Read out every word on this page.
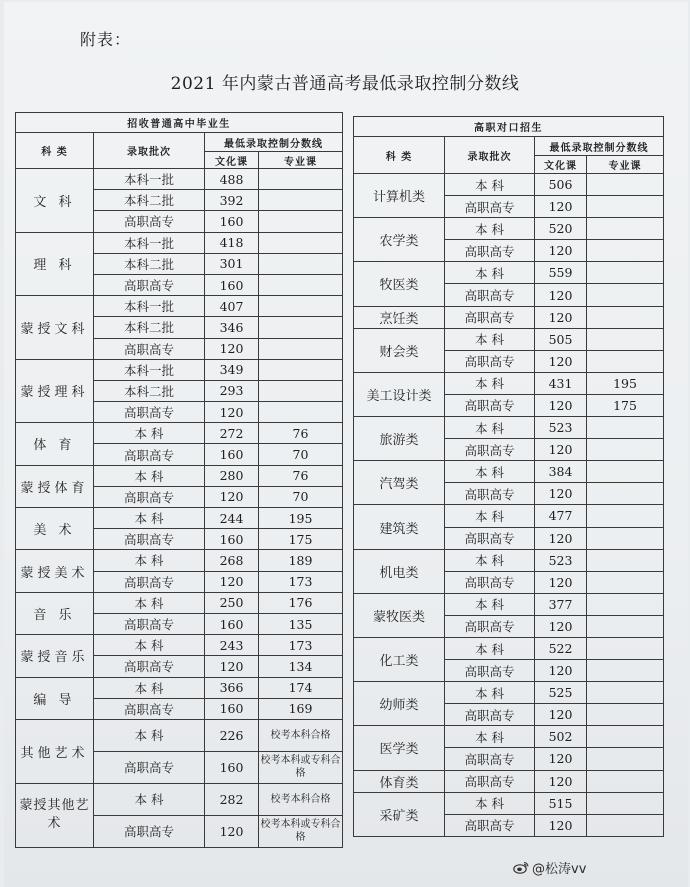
附表：
2021 年内蒙古普通高考最低录取控制分数线
招收普通高中毕业生			
科 类	录取批次	最低录取控制分数线	
		文化课	专业课
文 科	本科一批	488	
	本科二批	392	
	高职高专	160	
理 科	本科一批	418	
	本科二批	301	
	高职高专	160	
蒙授文科	本科一批	407	
	本科二批	346	
	高职高专	120	
蒙授理科	本科一批	349	
	本科二批	293	
	高职高专	120	
体 育	本 科	272	76
	高职高专	160	70
蒙授体育	本 科	280	76
	高职高专	120	70
美 术	本 科	244	195
	高职高专	160	175
蒙授美术	本 科	268	189
	高职高专	120	173
音 乐	本 科	250	176
	高职高专	160	135
蒙授音乐	本 科	243	173
	高职高专	120	134
编 导	本 科	366	174
	高职高专	160	169
其他艺术	本 科	226	校考本科合格
	高职高专	160	校考本科或专科合格
蒙授其他艺术	本 科	282	校考本科合格
	高职高专	120	校考本科或专科合格
高职对口招生			
科 类	录取批次	最低录取控制分数线	
		文化课	专业课
计算机类	本 科	506	
	高职高专	120	
农学类	本 科	520	
	高职高专	120	
牧医类	本 科	559	
	高职高专	120	
烹饪类	高职高专	120	
财会类	本 科	505	
	高职高专	120	
美工设计类	本 科	431	195
	高职高专	120	175
旅游类	本 科	523	
	高职高专	120	
汽驾类	本 科	384	
	高职高专	120	
建筑类	本 科	477	
	高职高专	120	
机电类	本 科	523	
	高职高专	120	
蒙牧医类	本 科	377	
	高职高专	120	
化工类	本 科	522	
	高职高专	120	
幼师类	本 科	525	
	高职高专	120	
医学类	本 科	502	
	高职高专	120	
体育类	高职高专	120	
采矿类	本 科	515	
	高职高专	120	
@松涛vv
